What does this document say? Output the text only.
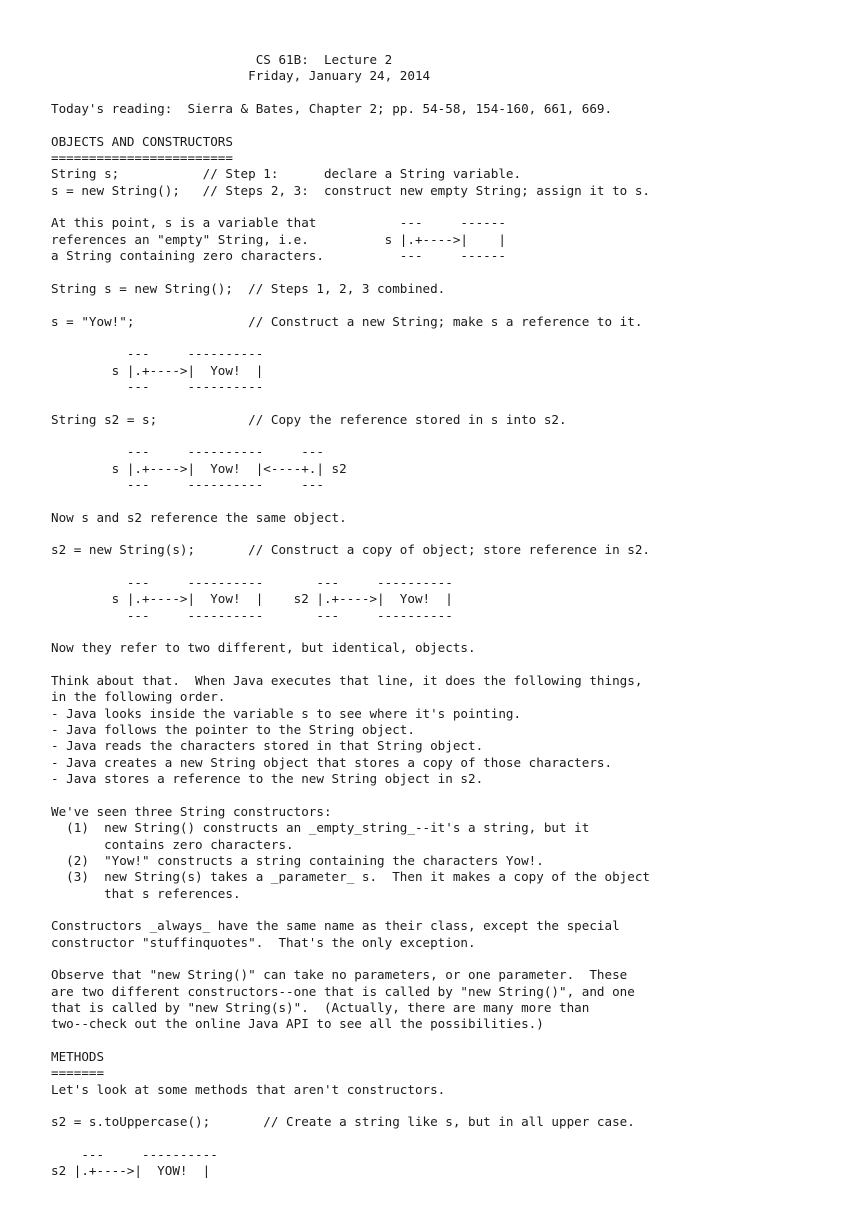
CS 61B:  Lecture 2
Friday, January 24, 2014
Today's reading:  Sierra & Bates, Chapter 2; pp. 54-58, 154-160, 661, 669.
OBJECTS AND CONSTRUCTORS
========================
String s;           // Step 1:      declare a String variable.
s = new String();   // Steps 2, 3:  construct new empty String; assign it to s.
At this point, s is a variable that           ---     ------
references an "empty" String, i.e.          s |.+---->|    |
a String containing zero characters.          ---     ------
String s = new String();  // Steps 1, 2, 3 combined.
s = "Yow!";               // Construct a new String; make s a reference to it.
---     ----------
s |.+---->|  Yow!  |
---     ----------
String s2 = s;            // Copy the reference stored in s into s2.
---     ----------     ---
s |.+---->|  Yow!  |<----+.| s2
---     ----------     ---
Now s and s2 reference the same object.
s2 = new String(s);       // Construct a copy of object; store reference in s2.
---     ----------       ---     ----------
s |.+---->|  Yow!  |    s2 |.+---->|  Yow!  |
---     ----------       ---     ----------
Now they refer to two different, but identical, objects.
Think about that.  When Java executes that line, it does the following things,
in the following order.
- Java looks inside the variable s to see where it's pointing.
- Java follows the pointer to the String object.
- Java reads the characters stored in that String object.
- Java creates a new String object that stores a copy of those characters.
- Java stores a reference to the new String object in s2.
We've seen three String constructors:
(1)  new String() constructs an _empty_string_--it's a string, but it
contains zero characters.
(2)  "Yow!" constructs a string containing the characters Yow!.
(3)  new String(s) takes a _parameter_ s.  Then it makes a copy of the object
that s references.
Constructors _always_ have the same name as their class, except the special
constructor "stuffinquotes".  That's the only exception.
Observe that "new String()" can take no parameters, or one parameter.  These
are two different constructors--one that is called by "new String()", and one
that is called by "new String(s)".  (Actually, there are many more than
two--check out the online Java API to see all the possibilities.)
METHODS
=======
Let's look at some methods that aren't constructors.
s2 = s.toUppercase();       // Create a string like s, but in all upper case.
---     ----------
s2 |.+---->|  YOW!  |
